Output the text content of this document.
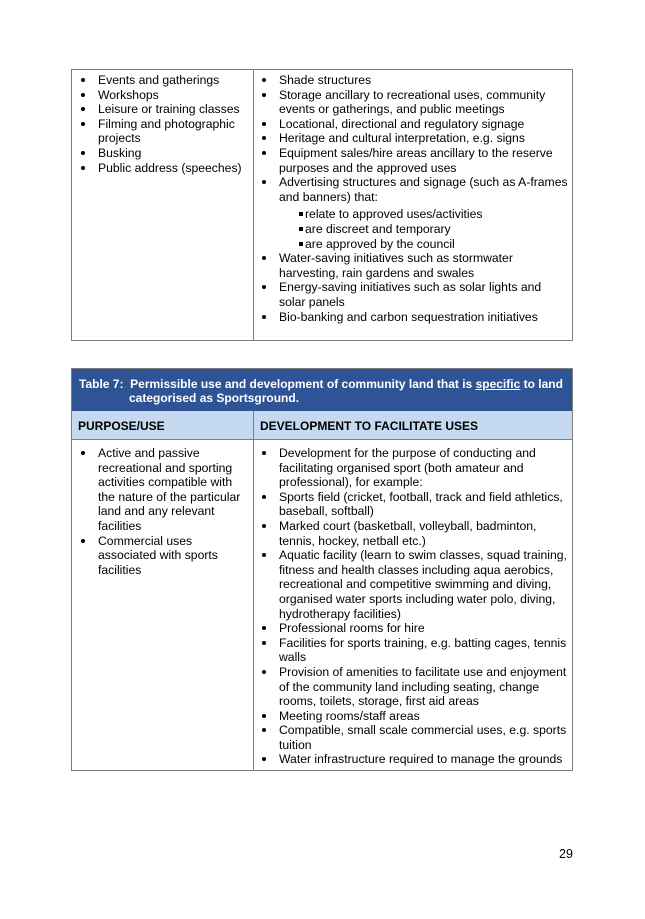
Events and gatherings
Workshops
Leisure or training classes
Filming and photographic projects
Busking
Public address (speeches)
Shade structures
Storage ancillary to recreational uses, community events or gatherings, and public meetings
Locational, directional and regulatory signage
Heritage and cultural interpretation, e.g. signs
Equipment sales/hire areas ancillary to the reserve purposes and the approved uses
Advertising structures and signage (such as A-frames and banners) that:
relate to approved uses/activities
are discreet and temporary
are approved by the council
Water-saving initiatives such as stormwater harvesting, rain gardens and swales
Energy-saving initiatives such as solar lights and solar panels
Bio-banking and carbon sequestration initiatives
Table 7: Permissible use and development of community land that is specific to land
categorised as Sportsground.
PURPOSE/USE	DEVELOPMENT TO FACILITATE USES
Active and passive recreational and sporting activities compatible with the nature of the particular land and any relevant facilities
Commercial uses associated with sports facilities
Development for the purpose of conducting and facilitating organised sport (both amateur and professional), for example:
Sports field (cricket, football, track and field athletics, baseball, softball)
Marked court (basketball, volleyball, badminton, tennis, hockey, netball etc.)
Aquatic facility (learn to swim classes, squad training, fitness and health classes including aqua aerobics, recreational and competitive swimming and diving, organised water sports including water polo, diving, hydrotherapy facilities)
Professional rooms for hire
Facilities for sports training, e.g. batting cages, tennis walls
Provision of amenities to facilitate use and enjoyment of the community land including seating, change rooms, toilets, storage, first aid areas
Meeting rooms/staff areas
Compatible, small scale commercial uses, e.g. sports tuition
Water infrastructure required to manage the grounds
29
